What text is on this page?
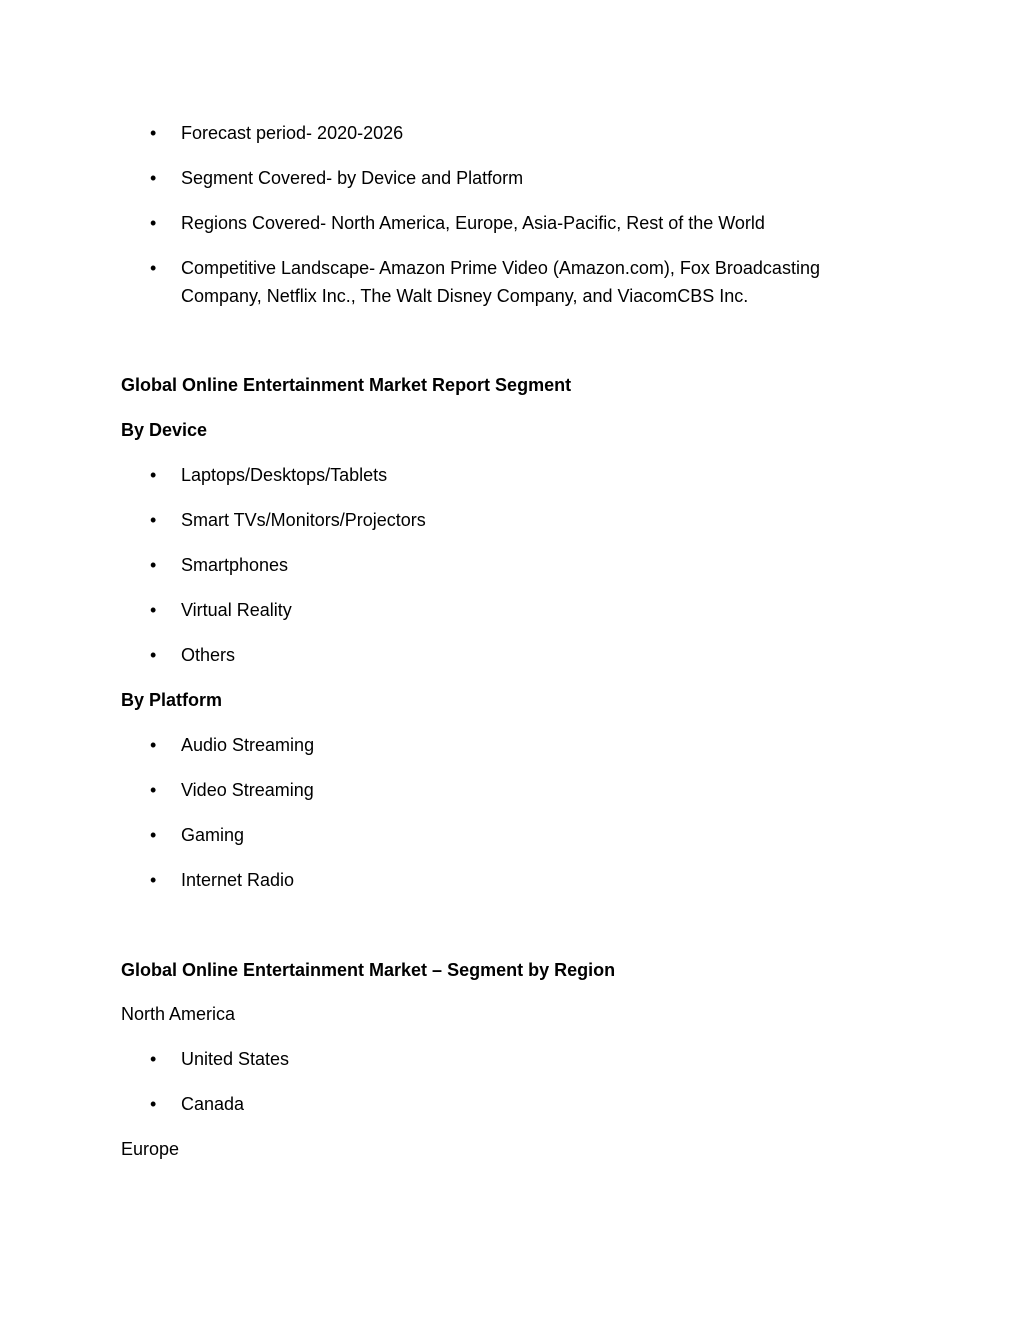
•	Forecast period- 2020-2026
•	Segment Covered- by Device and Platform
•	Regions Covered- North America, Europe, Asia-Pacific, Rest of the World
•	Competitive Landscape- Amazon Prime Video (Amazon.com), Fox Broadcasting Company, Netflix Inc., The Walt Disney Company, and ViacomCBS Inc.
Global Online Entertainment Market Report Segment
By Device
•	Laptops/Desktops/Tablets
•	Smart TVs/Monitors/Projectors
•	Smartphones
•	Virtual Reality
•	Others
By Platform
•	Audio Streaming
•	Video Streaming
•	Gaming
•	Internet Radio
Global Online Entertainment Market – Segment by Region
North America
•	United States
•	Canada
Europe
